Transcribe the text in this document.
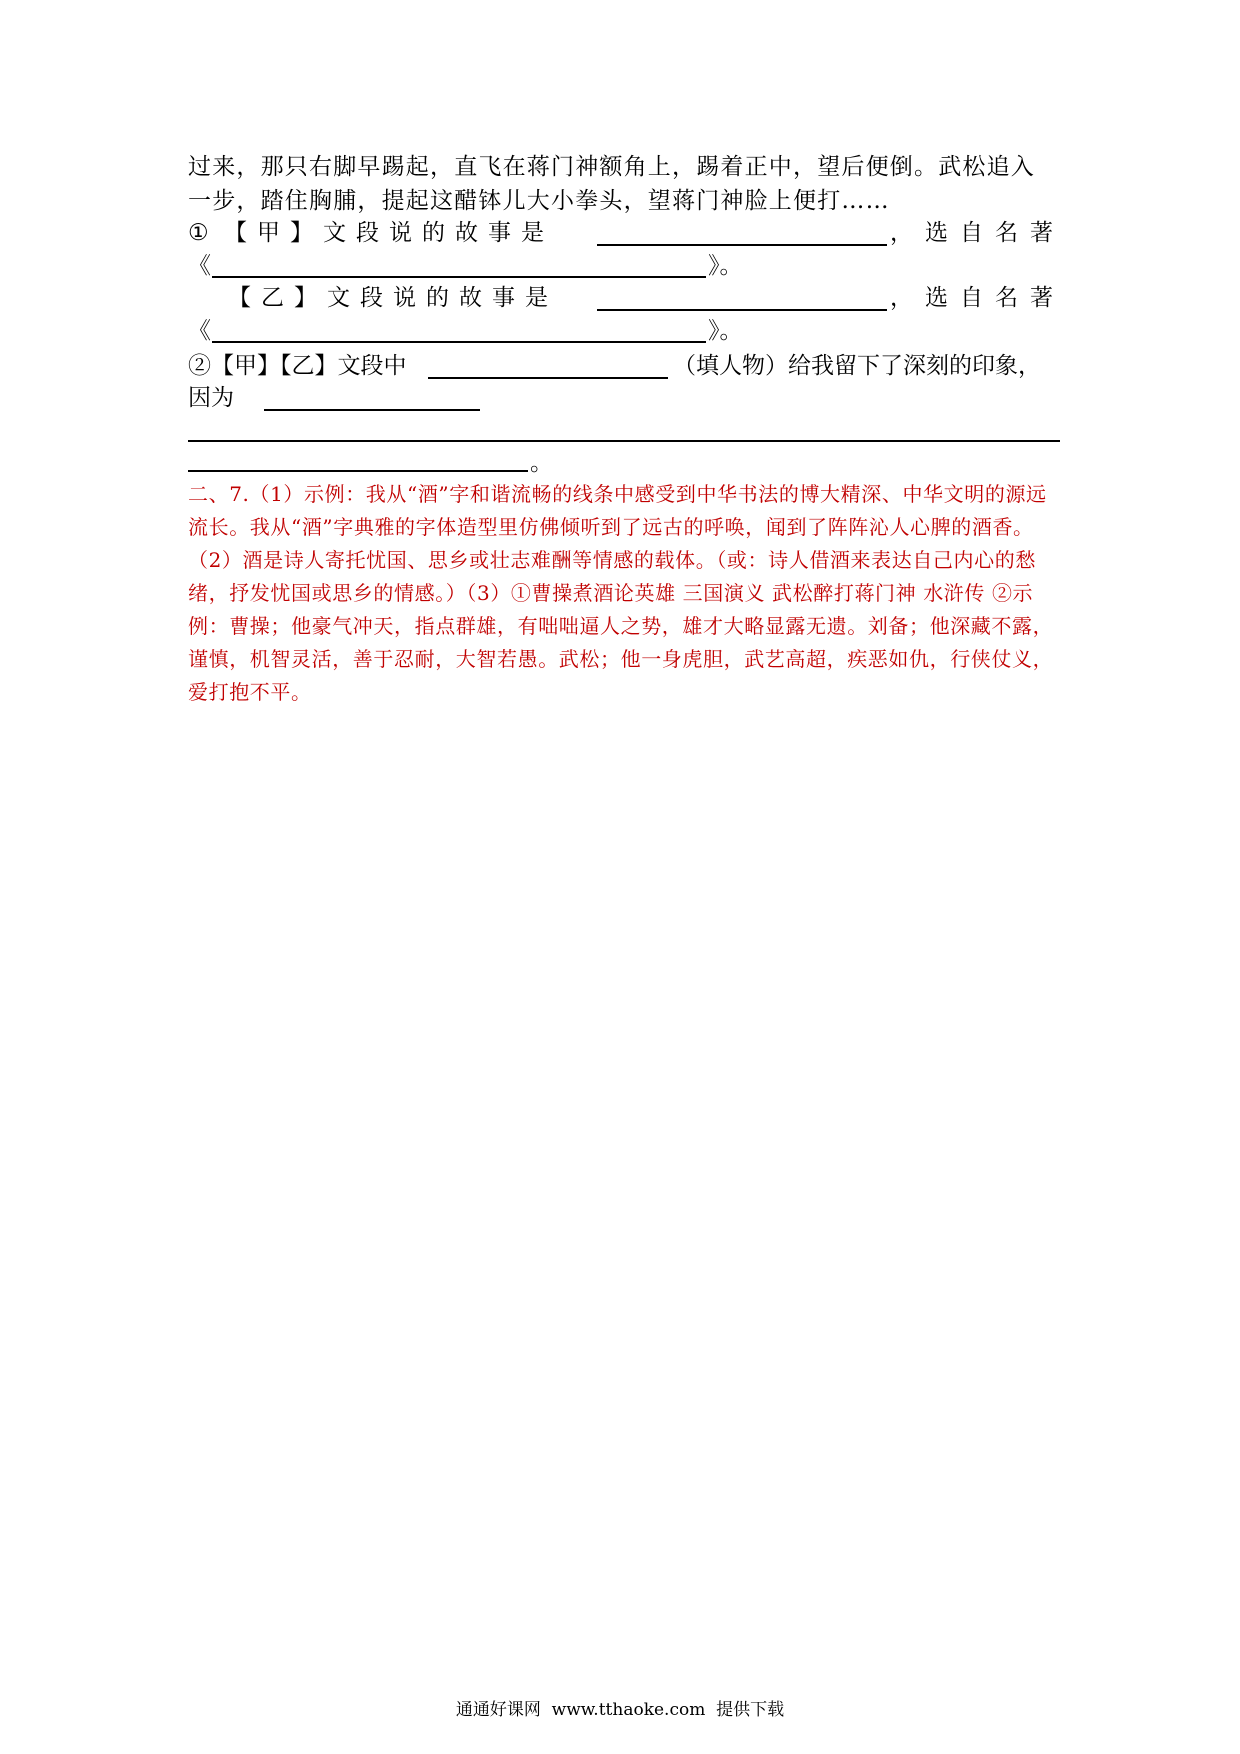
过来，那只右脚早踢起，直飞在蒋门神额角上，踢着正中，望后便倒。武松追入
一步，踏住胸脯，提起这醋钵儿大小拳头，望蒋门神脸上便打……
① 【甲】文段说的故事是	，选自名著
《	》。
【乙】文段说的故事是	，选自名著
《	》。
②【甲】【乙】文段中	（填人物）给我留下了深刻的印象，
因为
。
二、7.（1）示例：我从“酒”字和谐流畅的线条中感受到中华书法的博大精深、中华文明的源远流长。我从“酒”字典雅的字体造型里仿佛倾听到了远古的呼唤，闻到了阵阵沁人心脾的酒香。（2）酒是诗人寄托忧国、思乡或壮志难酬等情感的载体。（或：诗人借酒来表达自己内心的愁绪，抒发忧国或思乡的情感。）（3）①曹操煮酒论英雄 三国演义 武松醉打蒋门神 水浒传 ②示例：曹操；他豪气冲天，指点群雄，有咄咄逼人之势，雄才大略显露无遗。刘备；他深藏不露，谨慎，机智灵活，善于忍耐，大智若愚。武松；他一身虎胆，武艺高超，疾恶如仇，行侠仗义，爱打抱不平。
通通好课网  www.tthaoke.com  提供下载
